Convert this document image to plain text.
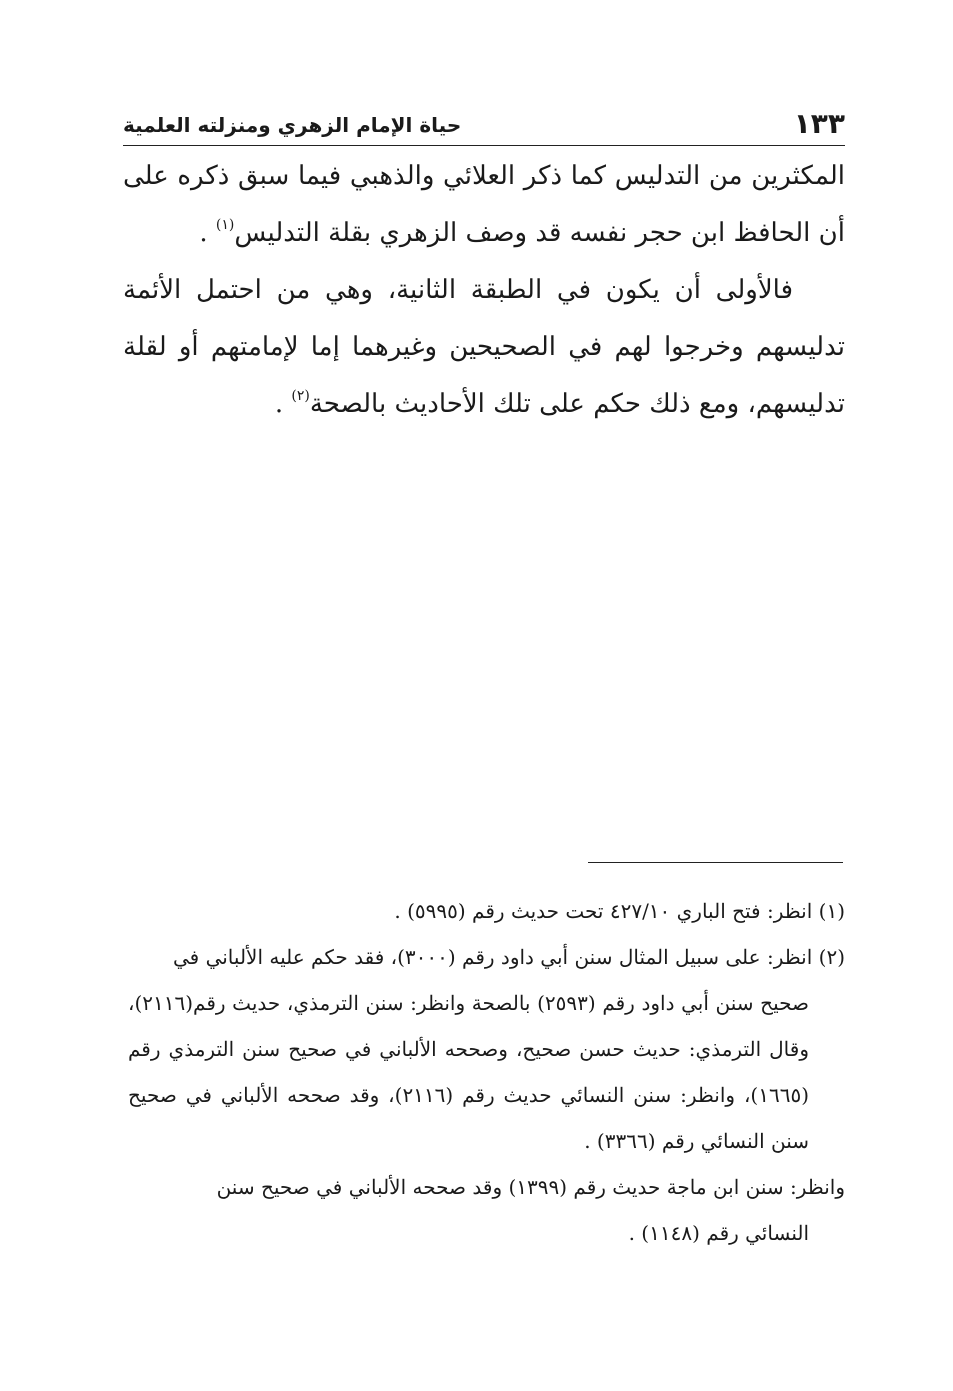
١٣٣
حياة الإمام الزهري ومنزلته العلمية

المكثرين من التدليس كما ذكر العلائي والذهبي فيما سبق ذكره على أن الحافظ ابن حجر نفسه قد وصف الزهري بقلة التدليس$^{(١)}$ .

فالأولى أن يكون في الطبقة الثانية، وهي من احتمل الأئمة تدليسهم وخرجوا لهم في الصحيحين وغيرهما إما لإمامتهم أو لقلة تدليسهم، ومع ذلك حكم على تلك الأحاديث بالصحة$^{(٢)}$ .

(١) انظر: فتح الباري ٤٢٧/١٠ تحت حديث رقم (٥٩٩٥) .

(٢) انظر: على سبيل المثال سنن أبي داود رقم (٣٠٠٠)، فقد حكم عليه الألباني في

صحيح سنن أبي داود رقم (٢٥٩٣) بالصحة وانظر: سنن الترمذي، حديث رقم(٢١١٦)، وقال الترمذي: حديث حسن صحيح، وصححه الألباني في صحيح سنن الترمذي رقم (١٦٦٥)، وانظر: سنن النسائي حديث رقم (٢١١٦)، وقد صححه الألباني في صحيح سنن النسائي رقم (٣٣٦٦) .

وانظر: سنن ابن ماجة حديث رقم (١٣٩٩) وقد صححه الألباني في صحيح سنن

النسائي رقم (١١٤٨) .
